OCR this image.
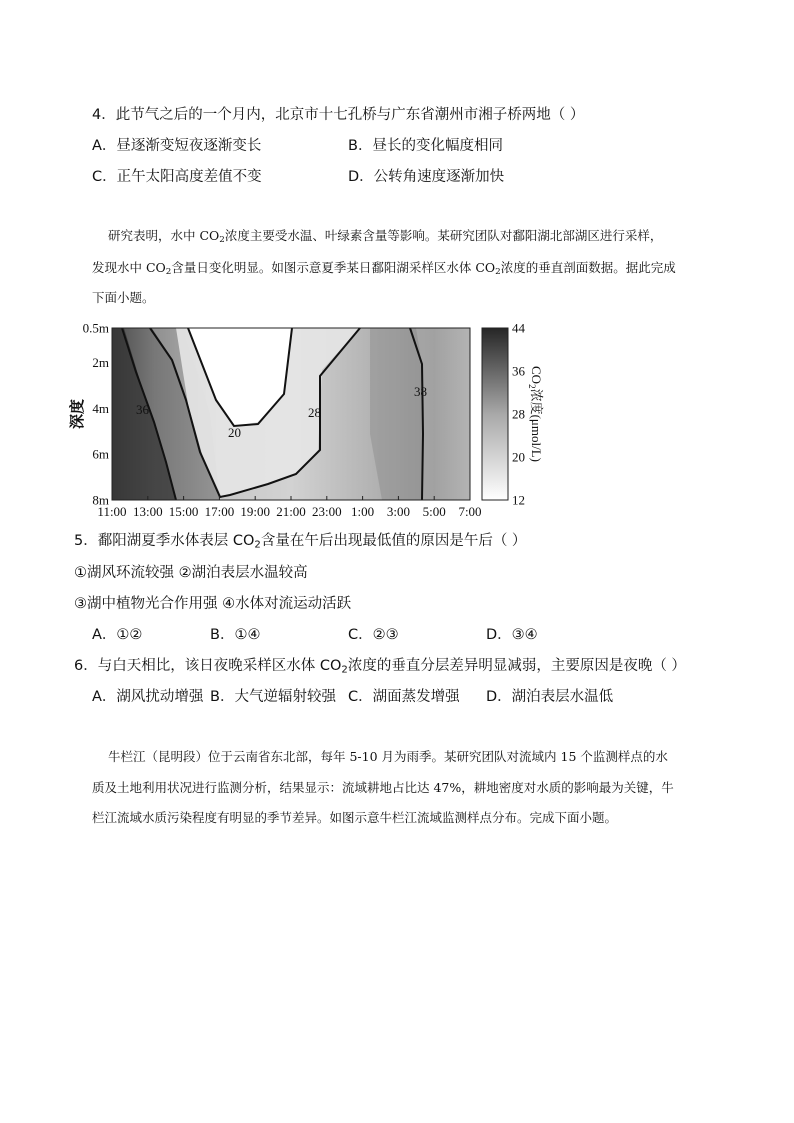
4．此节气之后的一个月内，北京市十七孔桥与广东省潮州市湘子桥两地（ ）
A．昼逐渐变短夜逐渐变长	B．昼长的变化幅度相同
C．正午太阳高度差值不变	D．公转角速度逐渐加快
研究表明，水中 $CO_2$浓度主要受水温、叶绿素含量等影响。某研究团队对鄱阳湖北部湖区进行采样，
发现水中 $CO_2$含量日变化明显。如图示意夏季某日鄱阳湖采样区水体 $CO_2$浓度的垂直剖面数据。据此完成
下面小题。
36
20
28
38
0.5m
2m
4m
6m
8m
11:00 13:00 15:00 17:00 19:00 21:00 23:00 1:00 3:00 5:00 7:00
深度
12
20
28
36
44
$CO_2$浓度(μmol/L)
5．鄱阳湖夏季水体表层 $CO_2$含量在午后出现最低值的原因是午后（ ）
①湖风环流较强 ②湖泊表层水温较高
③湖中植物光合作用强 ④水体对流运动活跃
A．①②	B．①④	C．②③	D．③④
6．与白天相比，该日夜晚采样区水体 $CO_2$浓度的垂直分层差异明显减弱，主要原因是夜晚（ ）
A．湖风扰动增强 B．大气逆辐射较强 C．湖面蒸发增强 D．湖泊表层水温低
牛栏江（昆明段）位于云南省东北部，每年 5-10 月为雨季。某研究团队对流域内 15 个监测样点的水
质及土地利用状况进行监测分析，结果显示：流域耕地占比达 47%，耕地密度对水质的影响最为关键，牛
栏江流域水质污染程度有明显的季节差异。如图示意牛栏江流域监测样点分布。完成下面小题。
